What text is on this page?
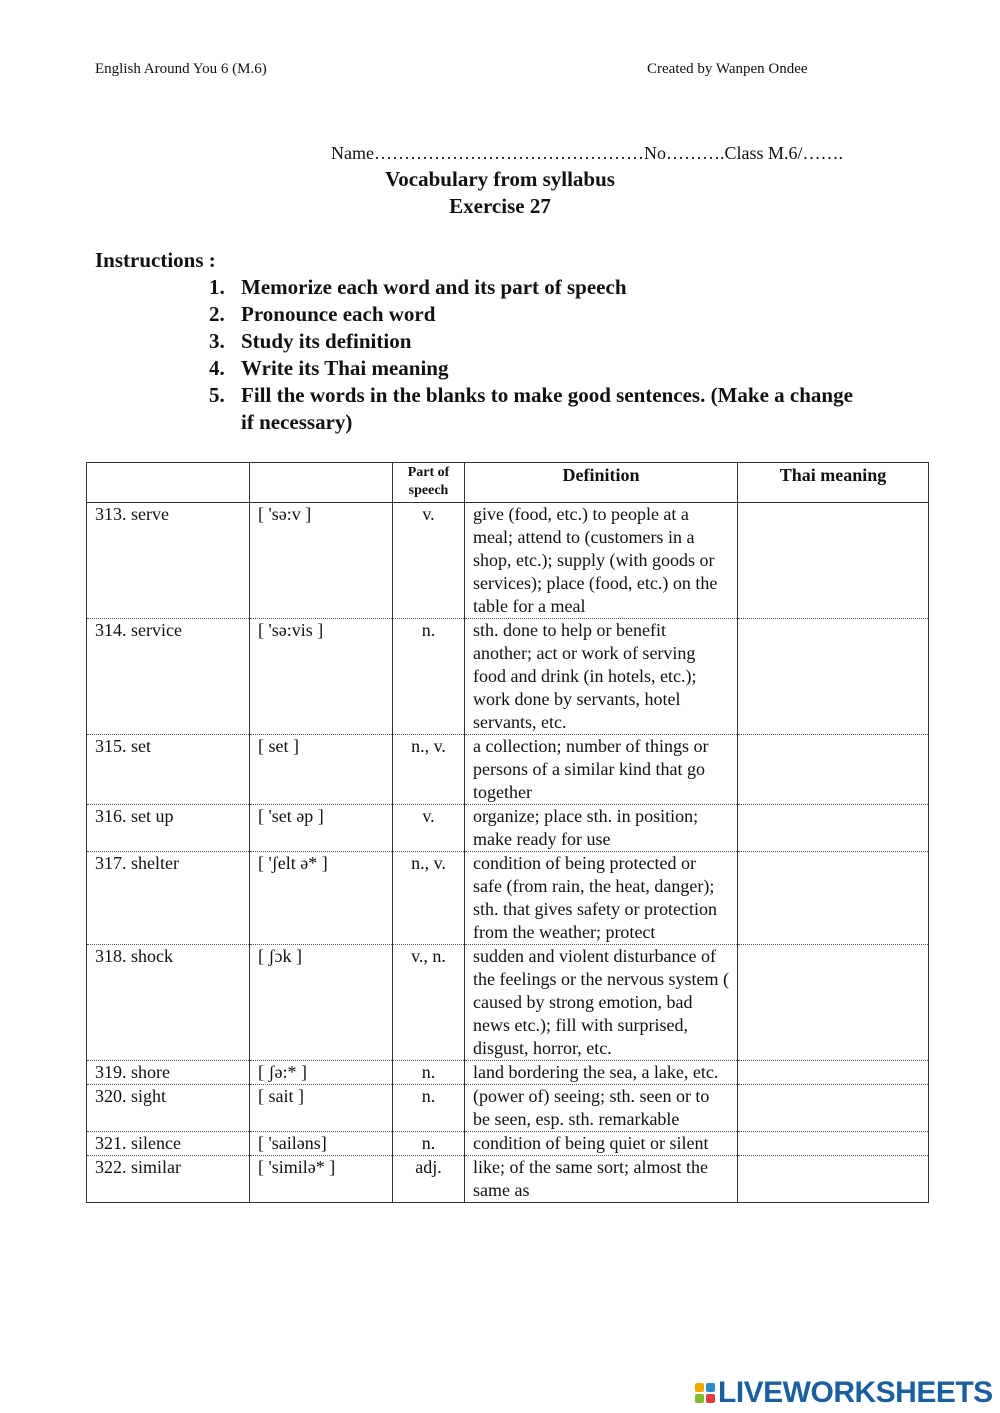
English Around You 6 (M.6)	Created by Wanpen Ondee
Name………………………………………No……….Class M.6/…….
Vocabulary from syllabus
Exercise 27
Instructions :
1. Memorize each word and its part of speech
2. Pronounce each word
3. Study its definition
4. Write its Thai meaning
5. Fill the words in the blanks to make good sentences. (Make a change if necessary)
		Part of speech	Definition	Thai meaning
313. serve	[ 'sə:v ]	v.	give (food, etc.) to people at a meal; attend to (customers in a shop, etc.); supply (with goods or services); place (food, etc.) on the table for a meal	
314. service	[ 'sə:vis ]	n.	sth. done to help or benefit another; act or work of serving food and drink (in hotels, etc.); work done by servants, hotel servants, etc.	
315. set	[ set ]	n., v.	a collection; number of things or persons of a similar kind that go together	
316. set up	[ 'set əp ]	v.	organize; place sth. in position; make ready for use	
317. shelter	[ 'ʃelt ə* ]	n., v.	condition of being protected or safe (from rain, the heat, danger); sth. that gives safety or protection from the weather; protect	
318. shock	[ ʃɔk ]	v., n.	sudden and violent disturbance of the feelings or the nervous system ( caused by strong emotion, bad news etc.); fill with surprised, disgust, horror, etc.	
319. shore	[ ʃə:* ]	n.	land bordering the sea, a lake, etc.	
320. sight	[ sait ]	n.	(power of) seeing; sth. seen or to be seen, esp. sth. remarkable	
321. silence	[ 'sailəns]	n.	condition of being quiet or silent	
322. similar	[ 'similə* ]	adj.	like; of the same sort; almost the same as	
LIVEWORKSHEETS
